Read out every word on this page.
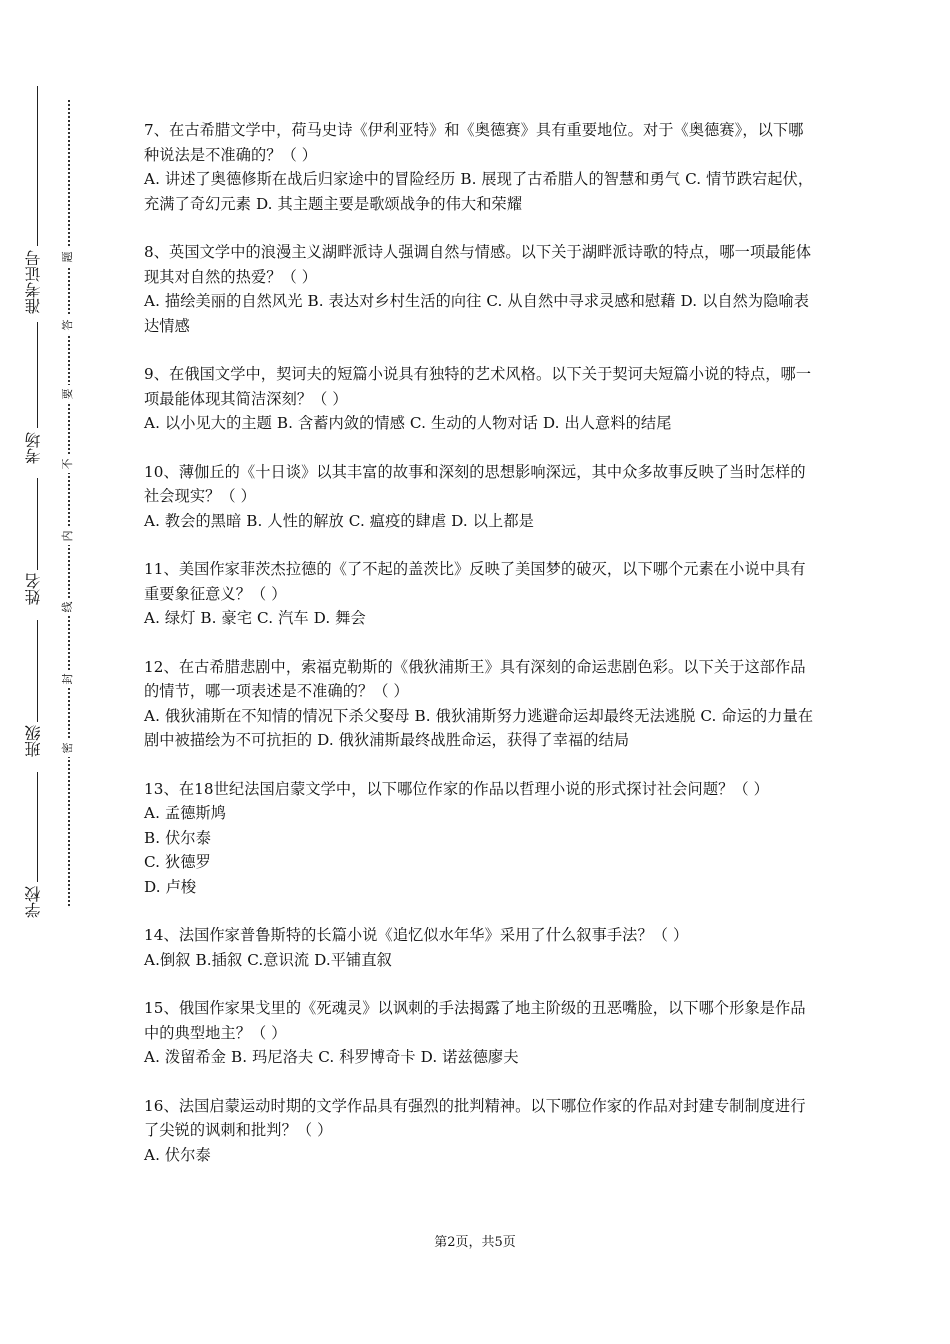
准考证号
考场
姓名
班级
学校
题
答
要
不
内
线
封
密

7、在古希腊文学中，荷马史诗《伊利亚特》和《奥德赛》具有重要地位。对于《奥德赛》，以下哪种说法是不准确的？（ ）

A. 讲述了奥德修斯在战后归家途中的冒险经历 B. 展现了古希腊人的智慧和勇气 C. 情节跌宕起伏，充满了奇幻元素 D. 其主题主要是歌颂战争的伟大和荣耀

8、英国文学中的浪漫主义湖畔派诗人强调自然与情感。以下关于湖畔派诗歌的特点，哪一项最能体现其对自然的热爱？（ ）

A. 描绘美丽的自然风光 B. 表达对乡村生活的向往 C. 从自然中寻求灵感和慰藉 D. 以自然为隐喻表达情感

9、在俄国文学中，契诃夫的短篇小说具有独特的艺术风格。以下关于契诃夫短篇小说的特点，哪一项最能体现其简洁深刻？（ ）

A. 以小见大的主题 B. 含蓄内敛的情感 C. 生动的人物对话 D. 出人意料的结尾

10、薄伽丘的《十日谈》以其丰富的故事和深刻的思想影响深远，其中众多故事反映了当时怎样的社会现实？（ ）

A. 教会的黑暗 B. 人性的解放 C. 瘟疫的肆虐 D. 以上都是

11、美国作家菲茨杰拉德的《了不起的盖茨比》反映了美国梦的破灭，以下哪个元素在小说中具有重要象征意义？（ ）

A. 绿灯 B. 豪宅 C. 汽车 D. 舞会

12、在古希腊悲剧中，索福克勒斯的《俄狄浦斯王》具有深刻的命运悲剧色彩。以下关于这部作品的情节，哪一项表述是不准确的？（ ）

A. 俄狄浦斯在不知情的情况下杀父娶母 B. 俄狄浦斯努力逃避命运却最终无法逃脱 C. 命运的力量在剧中被描绘为不可抗拒的 D. 俄狄浦斯最终战胜命运，获得了幸福的结局

13、在18世纪法国启蒙文学中，以下哪位作家的作品以哲理小说的形式探讨社会问题？（ ）

A. 孟德斯鸠

B. 伏尔泰

C. 狄德罗

D. 卢梭

14、法国作家普鲁斯特的长篇小说《追忆似水年华》采用了什么叙事手法？（ ）

A.倒叙 B.插叙 C.意识流 D.平铺直叙

15、俄国作家果戈里的《死魂灵》以讽刺的手法揭露了地主阶级的丑恶嘴脸，以下哪个形象是作品中的典型地主？（ ）

A. 泼留希金 B. 玛尼洛夫 C. 科罗博奇卡 D. 诺兹德廖夫

16、法国启蒙运动时期的文学作品具有强烈的批判精神。以下哪位作家的作品对封建专制制度进行了尖锐的讽刺和批判？（ ）

A. 伏尔泰

第2页，共5页
